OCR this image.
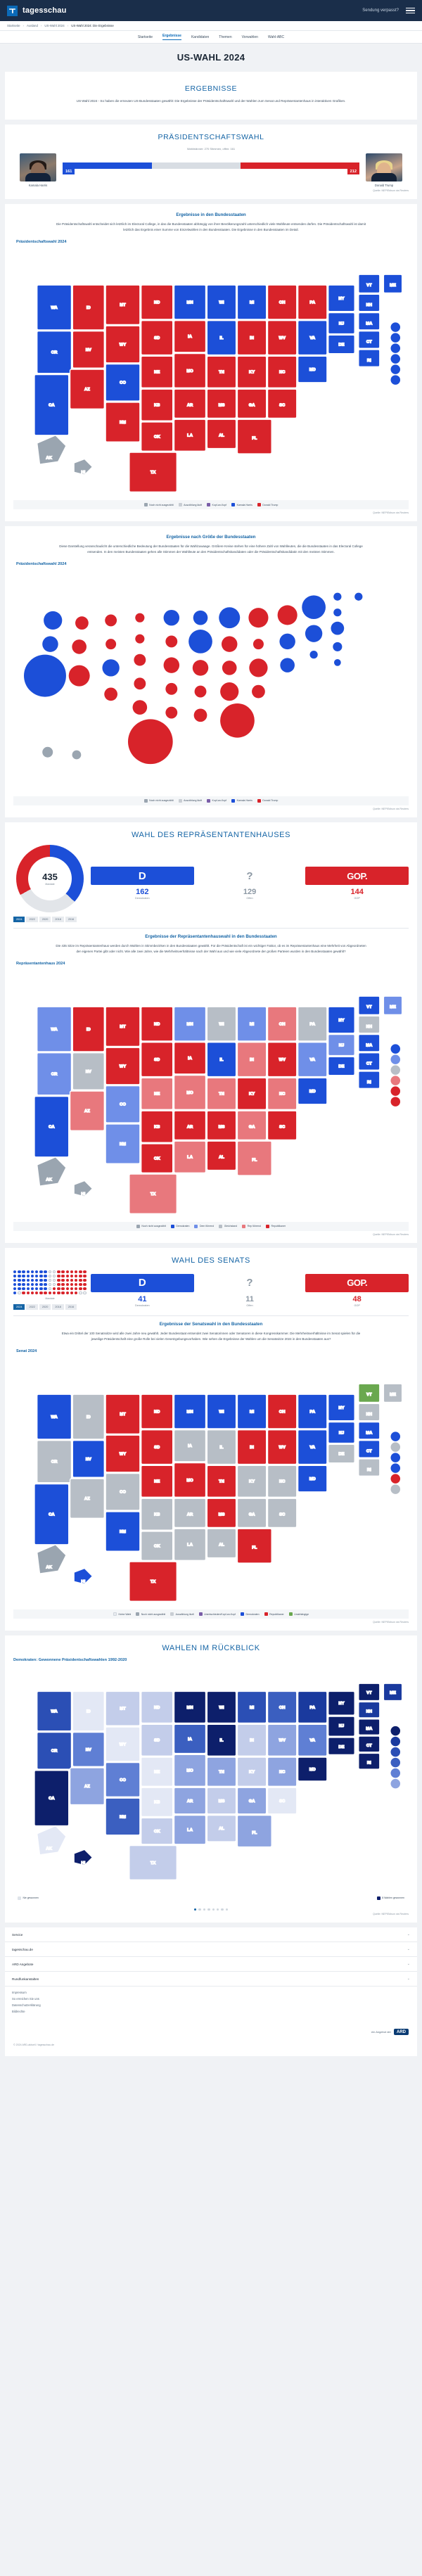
tagesschau	Sendung verpasst?
Startseite › Ausland › US-Wahl 2024 › US-Wahl 2024: Die Ergebnisse
Startseite	Ergebnisse	Kandidaten	Themen	Vorwahlen	Wahl-ABC
US-WAHL 2024
ERGEBNISSE

US-Wahl 2024 - So haben die erneuten US-Bundesstaaten gewählt: Die Ergebnisse der Präsidentschaftswahl und der Wahlen zum Senat und Repräsentantenhaus in interaktiven Grafiken.

PRÄSIDENTSCHAFTSWAHL
Wahlmänner: 270 Stimmen, offen: 161
Kamala Harris
161	212
Donald Trump
Quelle: NEP/Edison via Reuters
Ergebnisse in den Bundesstaaten

Die Präsidentschaftswahl entscheidet sich letztlich im Electoral College, in das die Bundesstaaten abhängig von ihrer Bevölkerungszahl unterschiedlich viele Wahlleute entsenden dürfen. Die Präsidentschaftswahl ist damit letztlich das Ergebnis einer Summe von Einzelwahlen in den Bundesstaaten. Die Ergebnisse in den Bundesstaaten im Detail.

Präsidentschaftswahl 2024
WA
OR
CA
ID
NV
AZ
MT
WY
CO
NM
ND
SD
NE
KS
OK
TX
MN
IA
MO
AR
LA
WI
IL
TN
MS
AL
MI
IN
KY
GA
FL
OH
WV
NC
SC
PA
VA
MD
NY
NJ
DE
VT
NH
MA
CT
RI
ME
AK
HI
Noch nicht ausgezählt	Auszählung läuft	Kopf-an-Kopf	Kamala Harris	Donald Trump
Quelle: NEP/Edison via Reuters
Ergebnisse nach Größe der Bundesstaaten

Diese Darstellung veranschaulicht die unterschiedliche Bedeutung der Bundesstaaten für die Wahlzuwaage. Größere Kreise stehen für eine höhere Zahl von Wahlleuten, die die Bundesstaaten in das Electoral College entsenden. In den meisten Bundesstaaten gehen alle Stimmen der Wahlleute an den Präsidentschaftskandidaten oder die Präsidentschaftskandidatin mit den meisten Stimmen.

Präsidentschaftswahl 2024
Noch nicht ausgezählt	Auszählung läuft	Kopf-an-Kopf	Kamala Harris	Donald Trump
Quelle: NEP/Edison via Reuters
WAHL DES REPRÄSENTANTENHAUSES
435
Mandate
2024	2022	2020	2018	2016
D
162
Demokraten
?
129
Offen
GOP.
144
GOP
Ergebnisse der Repräsentantenhauswahl in den Bundesstaaten

Die 435 Sitze im Repräsentantenhaus werden durch Wahlen in Stimmbezirken in den Bundesstaaten gewählt. Für die Präsidentschaft ist ein wichtiger Faktor, ob es im Repräsentantenhaus eine Mehrheit von Abgeordneten der eigenen Partei gibt oder nicht. Wie alle zwei Jahre, wie die Mehrheitsverhältnisse nach der Wahl aus und wie viele Abgeordnete der großen Parteien wurden in den Bundesstaaten gewählt?

Repräsentantenhaus 2024
WA
OR
CA
ID
NV
AZ
MT
WY
CO
NM
ND
SD
NE
KS
OK
TX
MN
IA
MO
AR
LA
WI
IL
TN
MS
AL
MI
IN
KY
GA
FL
OH
WV
NC
SC
PA
VA
MD
NY
NJ
DE
VT
NH
MA
CT
RI
ME
AK
HI
Noch nicht ausgezählt	Demokraten	Dem führend	Gleichstand	Rep führend	Republikaner
Quelle: NEP/Edison via Reuters
WAHL DES SENATS
Mandate
2024	2022	2020	2018	2016
D
41
Demokraten
?
11
Offen
GOP.
48
GOP
Ergebnisse der Senatswahl in den Bundesstaaten

Etwa ein Drittel der 100 Senatssitze wird alle zwei Jahre neu gewählt. Jeder Bundesstaat entsendet zwei Senatorinnen oder Senatoren in diese Kongresskammer. Die Mehrheitsverhältnisse im Senat spielen für die jeweilige Präsidentschaft eine große Rolle bei vielen Gesetzgebungsvorhaben. Wie sehen die Ergebnisse der Wahlen um die Senatssitze 2024 in den Bundesstaaten aus?

Senat 2024
WA
OR
CA
ID
NV
AZ
MT
WY
CO
NM
ND
SD
NE
KS
OK
TX
MN
IA
MO
AR
LA
WI
IL
TN
MS
AL
MI
IN
KY
GA
FL
OH
WV
NC
SC
PA
VA
MD
NY
NJ
DE
VT
NH
MA
CT
RI
ME
AK
HI
Keine Wahl	Noch nicht ausgezählt	Auszählung läuft	Unentschieden/Kopf-an-Kopf	Demokraten	Republikaner	Unabhängige
Quelle: NEP/Edison via Reuters
WAHLEN IM RÜCKBLICK
Demokraten: Gewonnene Präsidentschaftswahlen 1992-2020
WA
OR
CA
ID
NV
AZ
MT
WY
CO
NM
ND
SD
NE
KS
OK
TX
MN
IA
MO
AR
LA
WI
IL
TN
MS
AL
MI
IN
KY
GA
FL
OH
WV
NC
SC
PA
VA
MD
NY
NJ
DE
VT
NH
MA
CT
RI
ME
AK
HI
Nie gewonnen	8 Wahlen gewonnen
Quelle: NEP/Edison via Reuters
Service	⌄
tagesschau.de	⌄
ARD Angebote	⌄
Rundfunkanstalten	⌄
Impressum
So erreichen Sie uns
Datenschutzerklärung
Bildrechte
ein Angebot der	ARD
© 2024 ARD-aktuell / tagesschau.de
